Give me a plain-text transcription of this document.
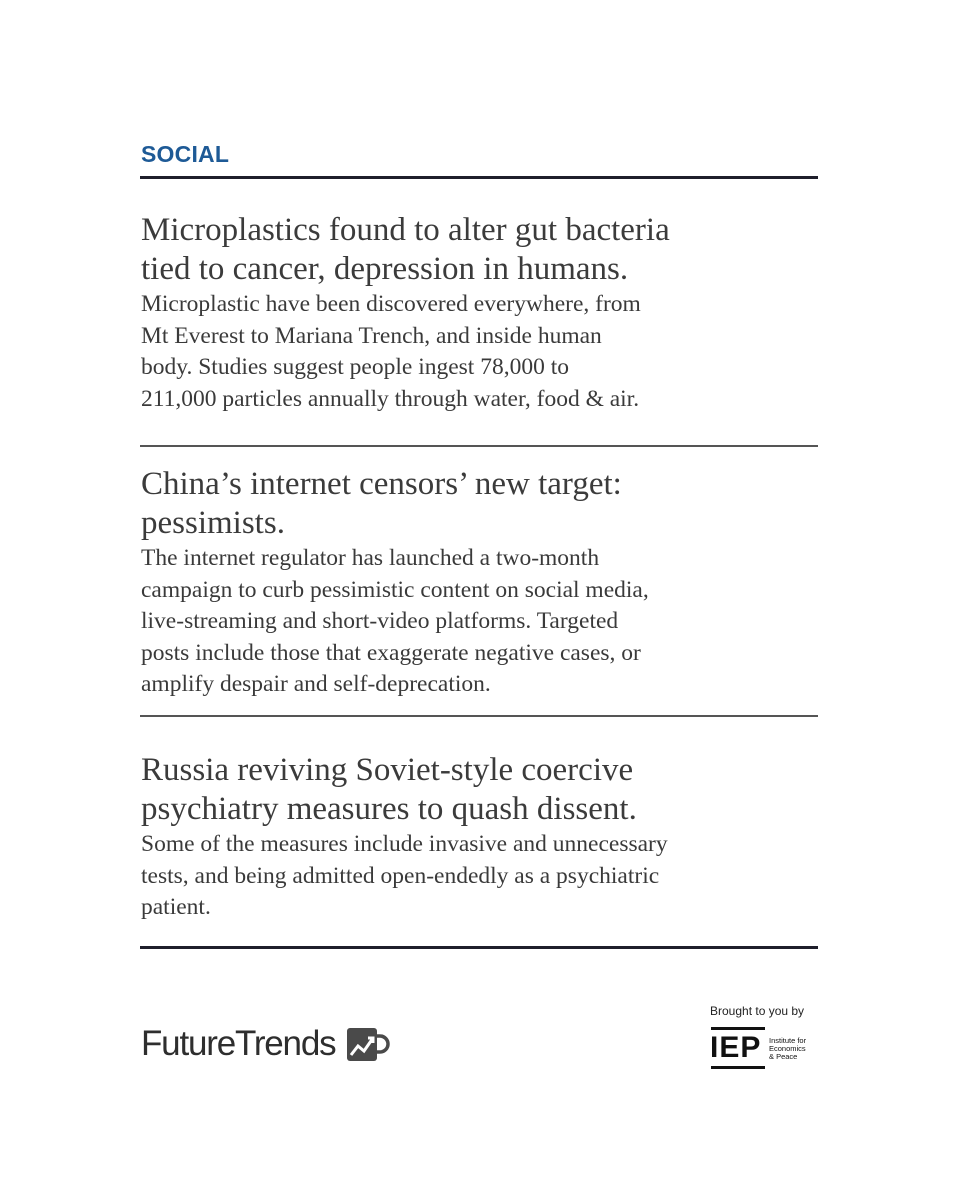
SOCIAL
Microplastics found to alter gut bacteria
tied to cancer, depression in humans.

Microplastic have been discovered everywhere, from
Mt Everest to Mariana Trench, and inside human
body. Studies suggest people ingest 78,000 to
211,000 particles annually through water, food & air.

China’s internet censors’ new target:
pessimists.

The internet regulator has launched a two-month
campaign to curb pessimistic content on social media,
live-streaming and short-video platforms. Targeted
posts include those that exaggerate negative cases, or
amplify despair and self-deprecation.

Russia reviving Soviet-style coercive
psychiatry measures to quash dissent.

Some of the measures include invasive and unnecessary
tests, and being admitted open-endedly as a psychiatric
patient.

FutureTrends
Brought to you by
IEP Institute for
Economics
& Peace
